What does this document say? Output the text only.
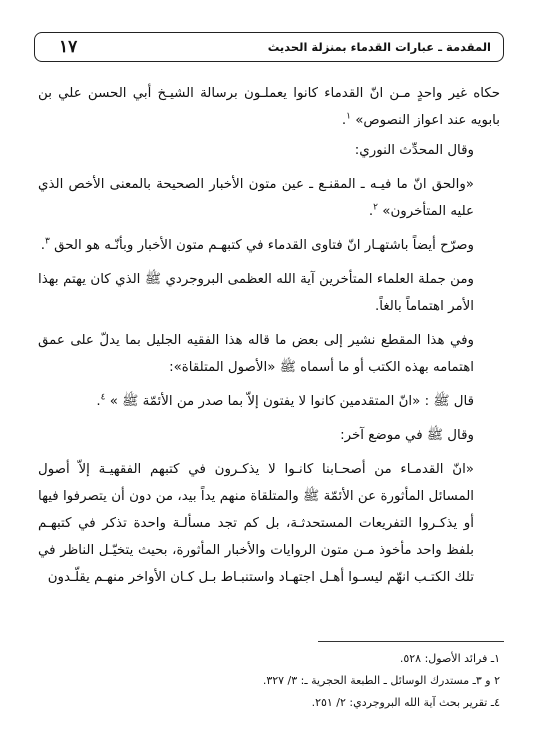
١٧	المقدمة ـ عبارات القدماء بمنزلة الحديث

حكاه غير واحدٍ مـن انّ القدماء كانوا يعملـون برسالة الشيـخ أبي الحسن علي بن بابويه عند اعواز النصوص» $^١$.

وقال المحدِّث النوري:

«والحق انّ ما فيـه ـ المقنـع ـ عين متون الأخبار الصحيحة بالمعنى الأخص الذي عليه المتأخرون» $^٢$.

وصرّح أيضاً باشتهـار انّ فتاوى القدماء في كتبهـم متون الأخبار وبأنّـه هو الحق $^٣$.

ومن جملة العلماء المتأخرين آية الله العظمى البروجردي ﷺ الذي كان يهتم بهذا الأمر اهتماماً بالغاً.

وفي هذا المقطع نشير إلى بعض ما قاله هذا الفقيه الجليل بما يدلّ على عمق اهتمامه بهذه الكتب أو ما أسماه ﷺ «الأصول المتلقاة»:

قال ﷺ : «انّ المتقدمين كانوا لا يفتون إلاّ بما صدر من الأئمّة ﷺ » $^٤$.

وقال ﷺ في موضع آخر:

«انّ القدمـاء من أصحـابنا كانـوا لا يذكـرون في كتبهم الفقهيـة إلاّ أصول المسائل المأثورة عن الأئمّة ﷺ والمتلقاة منهم يداً بيد، من دون أن يتصرفوا فيها أو يذكـروا التفريعات المستحدثـة، بل كم تجد مسألـة واحدة تذكر في كتبهـم بلفظ واحد مأخوذ مـن متون الروايات والأخبار المأثورة، بحيث يتخيّـل الناظر في تلك الكتـب انهّم ليسـوا أهـل اجتهـاد واستنبـاط بـل كـان الأواخر منهـم يقلّـدون

١ـ فرائد الأصول: ٥٢٨.
٢ و ٣ـ مستدرك الوسائل ـ الطبعة الحجرية ـ: ٣/ ٣٢٧.
٤ـ تقرير بحث آية الله البروجردي: ٢/ ٢٥١.
